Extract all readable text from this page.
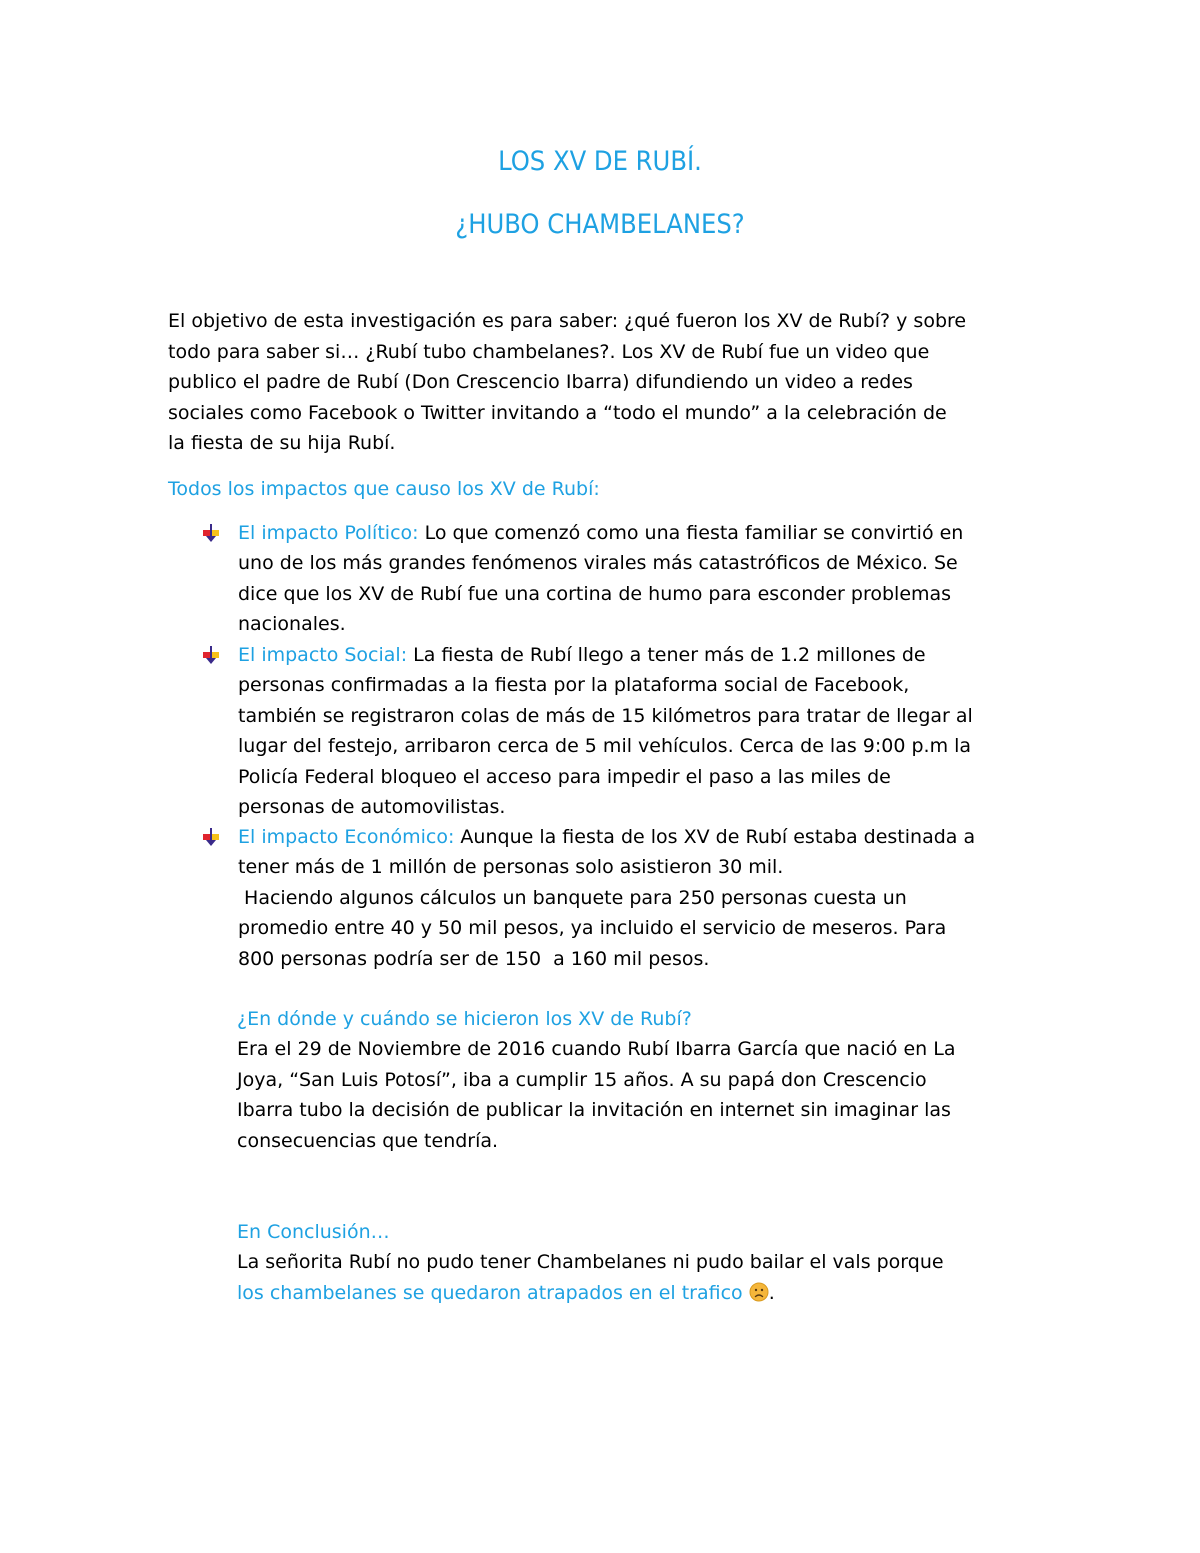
LOS XV DE RUBÍ.
¿HUBO CHAMBELANES?
El objetivo de esta investigación es para saber: ¿qué fueron los XV de Rubí? y sobre
todo para saber si… ¿Rubí tubo chambelanes?. Los XV de Rubí fue un video que
publico el padre de Rubí (Don Crescencio Ibarra) difundiendo un video a redes
sociales como Facebook o Twitter invitando a “todo el mundo” a la celebración de
la fiesta de su hija Rubí.
Todos los impactos que causo los XV de Rubí:
El impacto Político: Lo que comenzó como una fiesta familiar se convirtió en
uno de los más grandes fenómenos virales más catastróficos de México. Se
dice que los XV de Rubí fue una cortina de humo para esconder problemas
nacionales.
El impacto Social: La fiesta de Rubí llego a tener más de 1.2 millones de
personas confirmadas a la fiesta por la plataforma social de Facebook,
también se registraron colas de más de 15 kilómetros para tratar de llegar al
lugar del festejo, arribaron cerca de 5 mil vehículos. Cerca de las 9:00 p.m la
Policía Federal bloqueo el acceso para impedir el paso a las miles de
personas de automovilistas.
El impacto Económico: Aunque la fiesta de los XV de Rubí estaba destinada a
tener más de 1 millón de personas solo asistieron 30 mil.
Haciendo algunos cálculos un banquete para 250 personas cuesta un
promedio entre 40 y 50 mil pesos, ya incluido el servicio de meseros. Para
800 personas podría ser de 150  a 160 mil pesos.
¿En dónde y cuándo se hicieron los XV de Rubí?
Era el 29 de Noviembre de 2016 cuando Rubí Ibarra García que nació en La
Joya, “San Luis Potosí”, iba a cumplir 15 años. A su papá don Crescencio
Ibarra tubo la decisión de publicar la invitación en internet sin imaginar las
consecuencias que tendría.
En Conclusión…
La señorita Rubí no pudo tener Chambelanes ni pudo bailar el vals porque
los chambelanes se quedaron atrapados en el trafico .
